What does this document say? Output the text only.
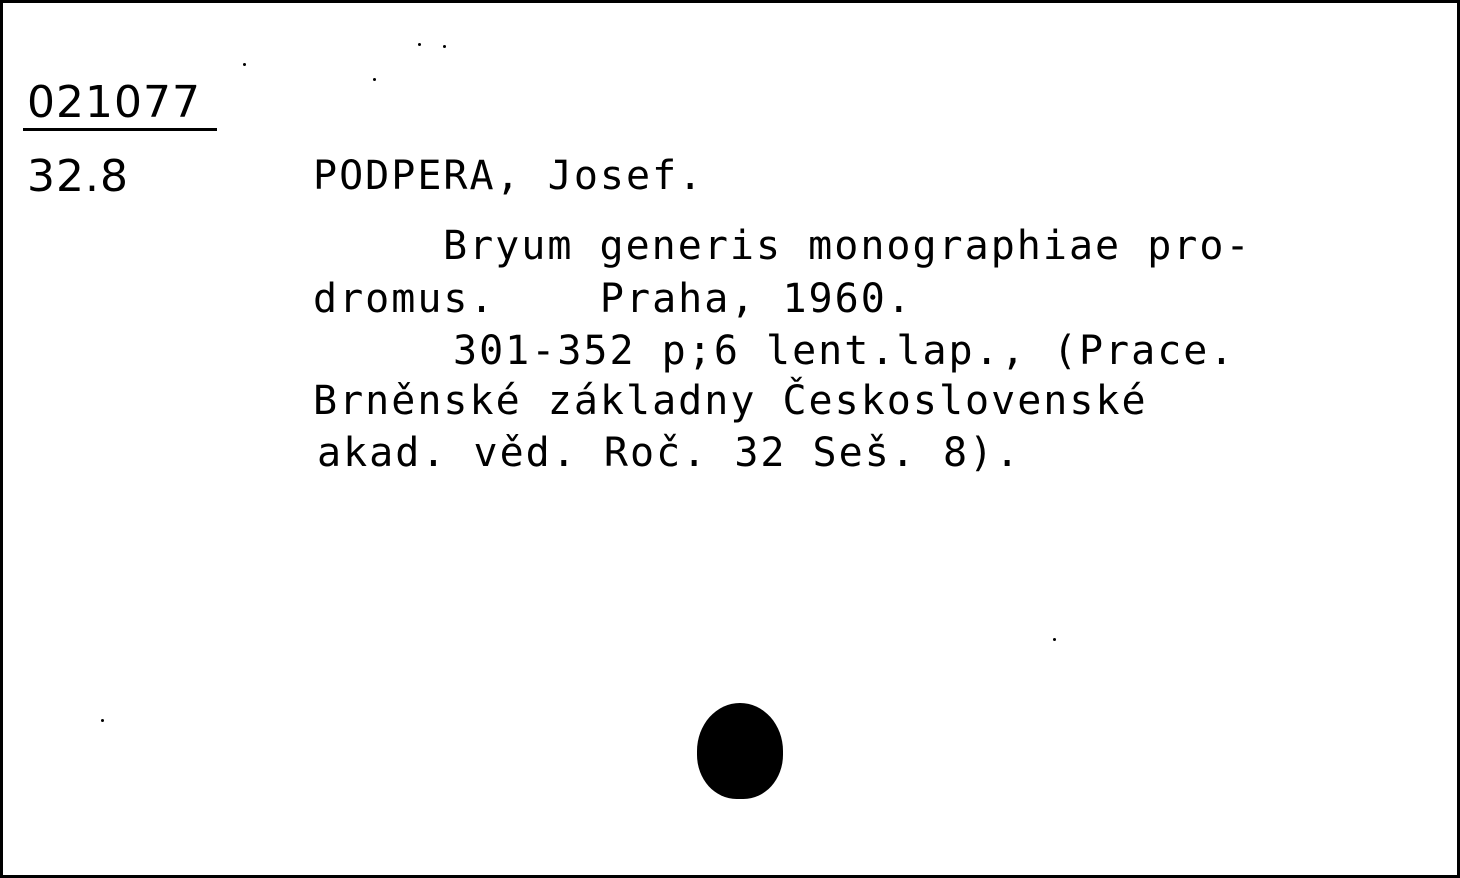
021077
32.8	PODPERA, Josef.
Bryum generis monographiae pro-
dromus.    Praha, 1960.
301-352 p;6 lent.lap., (Prace.
Brněnské základny Československé
akad. věd. Roč. 32 Seš. 8).
